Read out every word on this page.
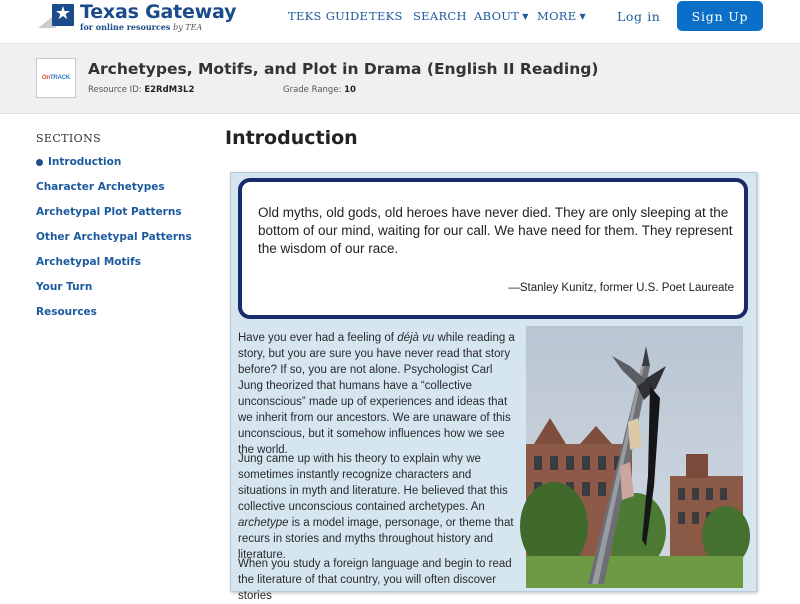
★ Texas Gateway
for online resources by TEA
TEKS GUIDE TEKS SEARCH ABOUT ▼ MORE ▼ Log in	Sign Up
OnTRACK Archetypes, Motifs, and Plot in Drama (English II Reading)
Resource ID: E2RdM3L2	Grade Range: 10
SECTIONS
Introduction
Character Archetypes
Archetypal Plot Patterns
Other Archetypal Patterns
Archetypal Motifs
Your Turn
Resources
Introduction
Old myths, old gods, old heroes have never died. They are only sleeping at the bottom of our mind, waiting for our call. We have need for them. They represent the wisdom of our race.
—Stanley Kunitz, former U.S. Poet Laureate
Have you ever had a feeling of déjà vu while reading a story, but you are sure you have never read that story before? If so, you are not alone. Psychologist Carl Jung theorized that humans have a “collective unconscious” made up of experiences and ideas that we inherit from our ancestors. We are unaware of this unconscious, but it somehow influences how we see the world.
Jung came up with his theory to explain why we sometimes instantly recognize characters and situations in myth and literature. He believed that this collective unconscious contained archetypes. An archetype is a model image, personage, or theme that recurs in stories and myths throughout history and literature.
When you study a foreign language and begin to read the literature of that country, you will often discover stories
